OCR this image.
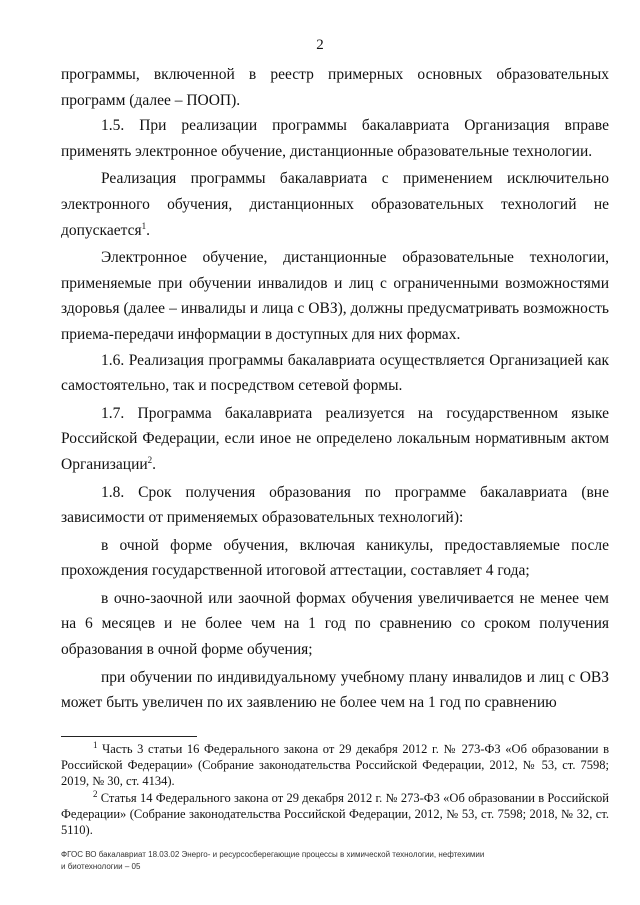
2

программы, включенной в реестр примерных основных образовательных программ (далее – ПООП).

1.5. При реализации программы бакалавриата Организация вправе применять электронное обучение, дистанционные образовательные технологии.

Реализация программы бакалавриата с применением исключительно электронного обучения, дистанционных образовательных технологий не допускается$^1$.

Электронное обучение, дистанционные образовательные технологии, применяемые при обучении инвалидов и лиц с ограниченными возможностями здоровья (далее – инвалиды и лица с ОВЗ), должны предусматривать возможность приема-передачи информации в доступных для них формах.

1.6. Реализация программы бакалавриата осуществляется Организацией как самостоятельно, так и посредством сетевой формы.

1.7. Программа бакалавриата реализуется на государственном языке Российской Федерации, если иное не определено локальным нормативным актом Организации$^2$.

1.8. Срок получения образования по программе бакалавриата (вне зависимости от применяемых образовательных технологий):

в очной форме обучения, включая каникулы, предоставляемые после прохождения государственной итоговой аттестации, составляет 4 года;

в очно-заочной или заочной формах обучения увеличивается не менее чем на 6 месяцев и не более чем на 1 год по сравнению со сроком получения образования в очной форме обучения;

при обучении по индивидуальному учебному плану инвалидов и лиц с ОВЗ может быть увеличен по их заявлению не более чем на 1 год по сравнению

$^1$ Часть 3 статьи 16 Федерального закона от 29 декабря 2012 г. № 273-ФЗ «Об образовании в Российской Федерации» (Собрание законодательства Российской Федерации, 2012, № 53, ст. 7598; 2019, № 30, ст. 4134).

$^2$ Статья 14 Федерального закона от 29 декабря 2012 г. № 273-ФЗ «Об образовании в Российской Федерации» (Собрание законодательства Российской Федерации, 2012, № 53, ст. 7598; 2018, № 32, ст. 5110).

ФГОС ВО бакалавриат 18.03.02 Энерго- и ресурсосберегающие процессы в химической технологии, нефтехимии
и биотехнологии – 05
